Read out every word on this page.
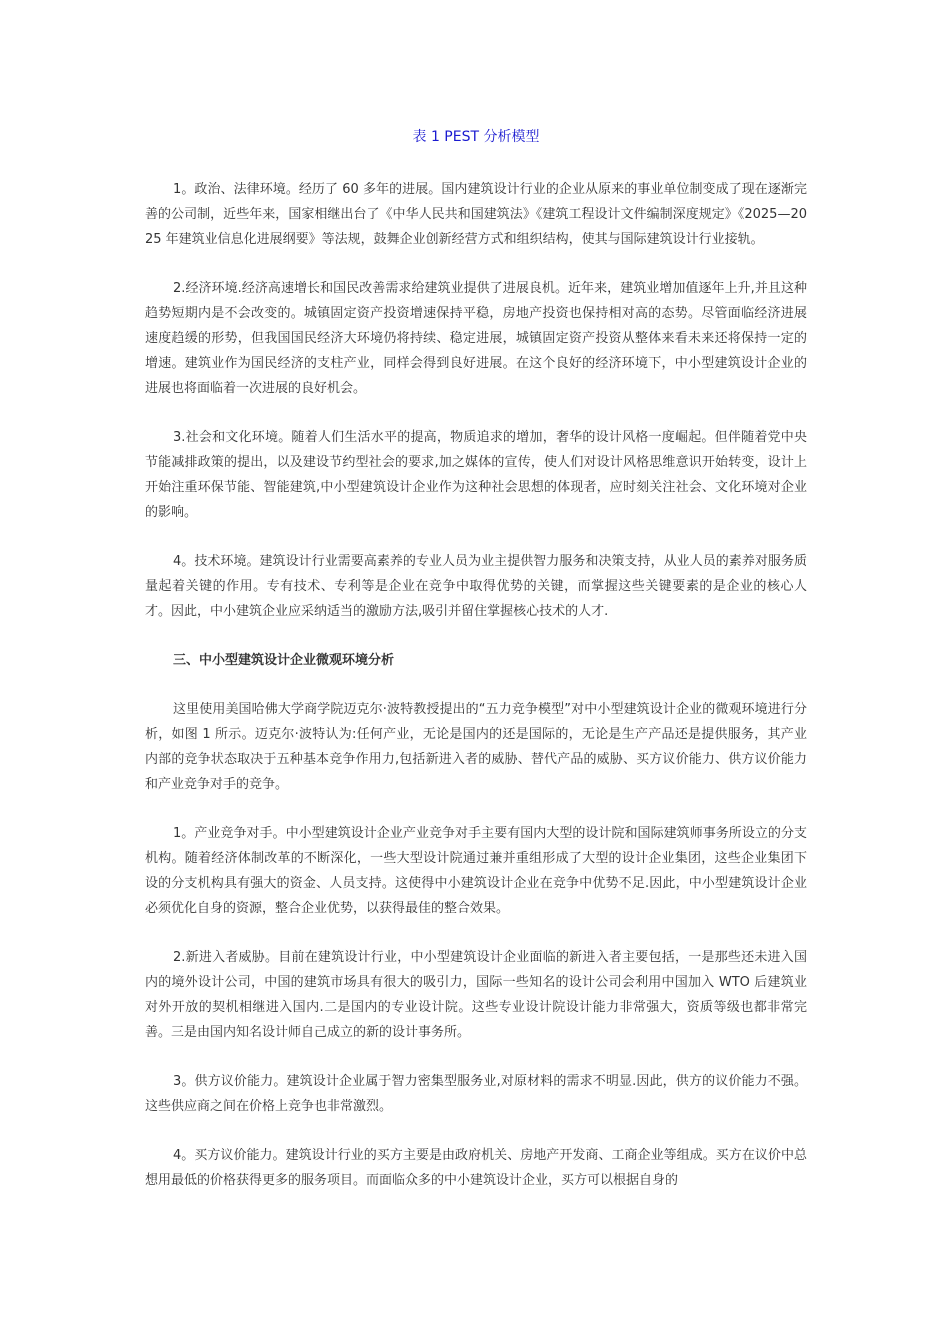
表 1 PEST 分析模型

1。政治、法律环境。经历了 60 多年的进展。国内建筑设计行业的企业从原来的事业单位制变成了现在逐渐完善的公司制，近些年来，国家相继出台了《中华人民共和国建筑法》《建筑工程设计文件编制深度规定》《2025—2025 年建筑业信息化进展纲要》等法规，鼓舞企业创新经营方式和组织结构，使其与国际建筑设计行业接轨。

2.经济环境.经济高速增长和国民改善需求给建筑业提供了进展良机。近年来，建筑业增加值逐年上升,并且这种趋势短期内是不会改变的。城镇固定资产投资增速保持平稳，房地产投资也保持相对高的态势。尽管面临经济进展速度趋缓的形势，但我国国民经济大环境仍将持续、稳定进展，城镇固定资产投资从整体来看未来还将保持一定的增速。建筑业作为国民经济的支柱产业，同样会得到良好进展。在这个良好的经济环境下，中小型建筑设计企业的进展也将面临着一次进展的良好机会。

3.社会和文化环境。随着人们生活水平的提高，物质追求的增加，奢华的设计风格一度崛起。但伴随着党中央节能减排政策的提出，以及建设节约型社会的要求,加之媒体的宣传，使人们对设计风格思维意识开始转变，设计上开始注重环保节能、智能建筑,中小型建筑设计企业作为这种社会思想的体现者，应时刻关注社会、文化环境对企业的影响。

4。技术环境。建筑设计行业需要高素养的专业人员为业主提供智力服务和决策支持，从业人员的素养对服务质量起着关键的作用。专有技术、专利等是企业在竞争中取得优势的关键，而掌握这些关键要素的是企业的核心人才。因此，中小建筑企业应采纳适当的激励方法,吸引并留住掌握核心技术的人才.

三、中小型建筑设计企业微观环境分析

这里使用美国哈佛大学商学院迈克尔·波特教授提出的“五力竞争模型”对中小型建筑设计企业的微观环境进行分析，如图 1 所示。迈克尔·波特认为:任何产业，无论是国内的还是国际的，无论是生产产品还是提供服务，其产业内部的竞争状态取决于五种基本竞争作用力,包括新进入者的威胁、替代产品的威胁、买方议价能力、供方议价能力和产业竞争对手的竞争。

1。产业竞争对手。中小型建筑设计企业产业竞争对手主要有国内大型的设计院和国际建筑师事务所设立的分支机构。随着经济体制改革的不断深化，一些大型设计院通过兼并重组形成了大型的设计企业集团，这些企业集团下设的分支机构具有强大的资金、人员支持。这使得中小建筑设计企业在竞争中优势不足.因此，中小型建筑设计企业必须优化自身的资源，整合企业优势，以获得最佳的整合效果。

2.新进入者威胁。目前在建筑设计行业，中小型建筑设计企业面临的新进入者主要包括，一是那些还未进入国内的境外设计公司，中国的建筑市场具有很大的吸引力，国际一些知名的设计公司会利用中国加入 WTO 后建筑业对外开放的契机相继进入国内.二是国内的专业设计院。这些专业设计院设计能力非常强大，资质等级也都非常完善。三是由国内知名设计师自己成立的新的设计事务所。

3。供方议价能力。建筑设计企业属于智力密集型服务业,对原材料的需求不明显.因此，供方的议价能力不强。这些供应商之间在价格上竞争也非常激烈。

4。买方议价能力。建筑设计行业的买方主要是由政府机关、房地产开发商、工商企业等组成。买方在议价中总想用最低的价格获得更多的服务项目。而面临众多的中小建筑设计企业，买方可以根据自身的
